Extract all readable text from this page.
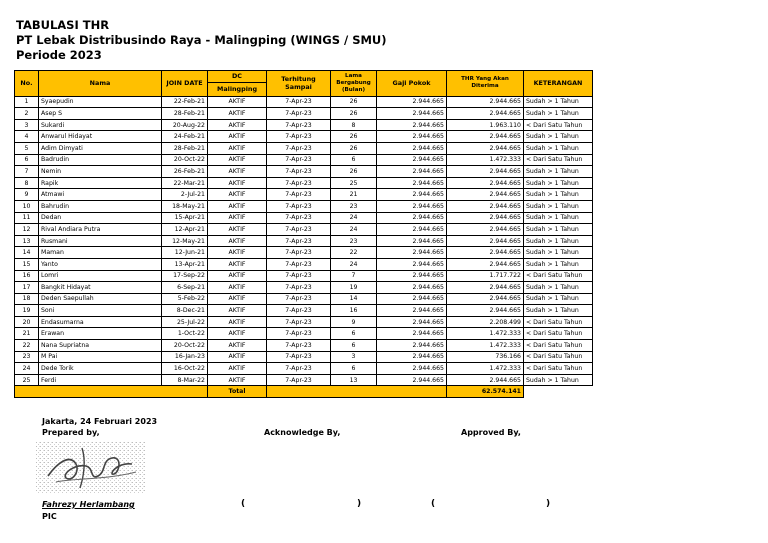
TABULASI THR
PT Lebak Distribusindo Raya - Malingping (WINGS / SMU)
Periode 2023
No.	Nama	JOIN DATE	DC	Terhitung Sampai	Lama Bergabung (Bulan)	Gaji Pokok	THR Yang Akan Diterima	KETERANGAN
			Malingping					
1	Syaepudin	22-Feb-21	AKTIF	7-Apr-23	26	2.944.665	2.944.665	Sudah > 1 Tahun
2	Asep S	28-Feb-21	AKTIF	7-Apr-23	26	2.944.665	2.944.665	Sudah > 1 Tahun
3	Sukardi	20-Aug-22	AKTIF	7-Apr-23	8	2.944.665	1.963.110	< Dari Satu Tahun
4	Anwarul Hidayat	24-Feb-21	AKTIF	7-Apr-23	26	2.944.665	2.944.665	Sudah > 1 Tahun
5	Adim Dimyati	28-Feb-21	AKTIF	7-Apr-23	26	2.944.665	2.944.665	Sudah > 1 Tahun
6	Badrudin	20-Oct-22	AKTIF	7-Apr-23	6	2.944.665	1.472.333	< Dari Satu Tahun
7	Nemin	26-Feb-21	AKTIF	7-Apr-23	26	2.944.665	2.944.665	Sudah > 1 Tahun
8	Rapik	22-Mar-21	AKTIF	7-Apr-23	25	2.944.665	2.944.665	Sudah > 1 Tahun
9	Atmawi	2-Jul-21	AKTIF	7-Apr-23	21	2.944.665	2.944.665	Sudah > 1 Tahun
10	Bahrudin	18-May-21	AKTIF	7-Apr-23	23	2.944.665	2.944.665	Sudah > 1 Tahun
11	Dedan	15-Apr-21	AKTIF	7-Apr-23	24	2.944.665	2.944.665	Sudah > 1 Tahun
12	Rival Andiara Putra	12-Apr-21	AKTIF	7-Apr-23	24	2.944.665	2.944.665	Sudah > 1 Tahun
13	Rusmani	12-May-21	AKTIF	7-Apr-23	23	2.944.665	2.944.665	Sudah > 1 Tahun
14	Maman	12-Jun-21	AKTIF	7-Apr-23	22	2.944.665	2.944.665	Sudah > 1 Tahun
15	Yanto	13-Apr-21	AKTIF	7-Apr-23	24	2.944.665	2.944.665	Sudah > 1 Tahun
16	Lomri	17-Sep-22	AKTIF	7-Apr-23	7	2.944.665	1.717.722	< Dari Satu Tahun
17	Bangkit Hidayat	6-Sep-21	AKTIF	7-Apr-23	19	2.944.665	2.944.665	Sudah > 1 Tahun
18	Deden Saepullah	5-Feb-22	AKTIF	7-Apr-23	14	2.944.665	2.944.665	Sudah > 1 Tahun
19	Soni	8-Dec-21	AKTIF	7-Apr-23	16	2.944.665	2.944.665	Sudah > 1 Tahun
20	Endasumarna	25-Jul-22	AKTIF	7-Apr-23	9	2.944.665	2.208.499	< Dari Satu Tahun
21	Erawan	1-Oct-22	AKTIF	7-Apr-23	6	2.944.665	1.472.333	< Dari Satu Tahun
22	Nana Supriatna	20-Oct-22	AKTIF	7-Apr-23	6	2.944.665	1.472.333	< Dari Satu Tahun
23	M Pai	16-Jan-23	AKTIF	7-Apr-23	3	2.944.665	736.166	< Dari Satu Tahun
24	Dede Torik	16-Oct-22	AKTIF	7-Apr-23	6	2.944.665	1.472.333	< Dari Satu Tahun
25	Ferdi	8-Mar-22	AKTIF	7-Apr-23	13	2.944.665	2.944.665	Sudah > 1 Tahun
			Total				62.574.141	
Jakarta, 24 Februari 2023
Prepared by,	Acknowledge By,	Approved By,
Fahrezy Herlambang
PIC
(	)	(	)
